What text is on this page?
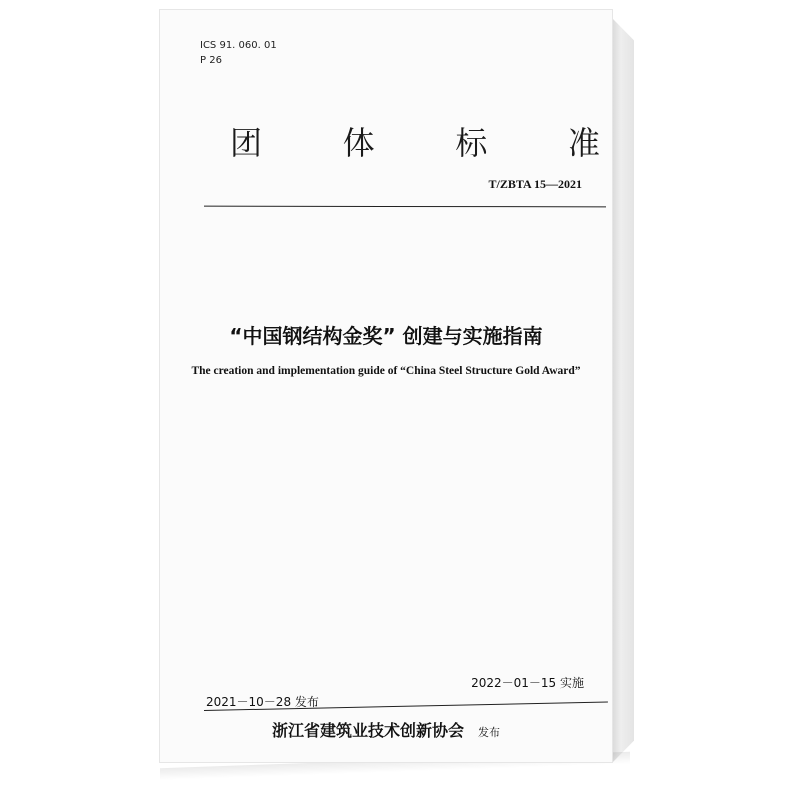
ICS 91. 060. 01
P 26
团	体	标	准
T/ZBTA 15—2021
“中国钢结构金奖” 创建与实施指南
The creation and implementation guide of “China Steel Structure Gold Award”
2022－01－15 实施
2021－10－28 发布
浙江省建筑业技术创新协会 发布
